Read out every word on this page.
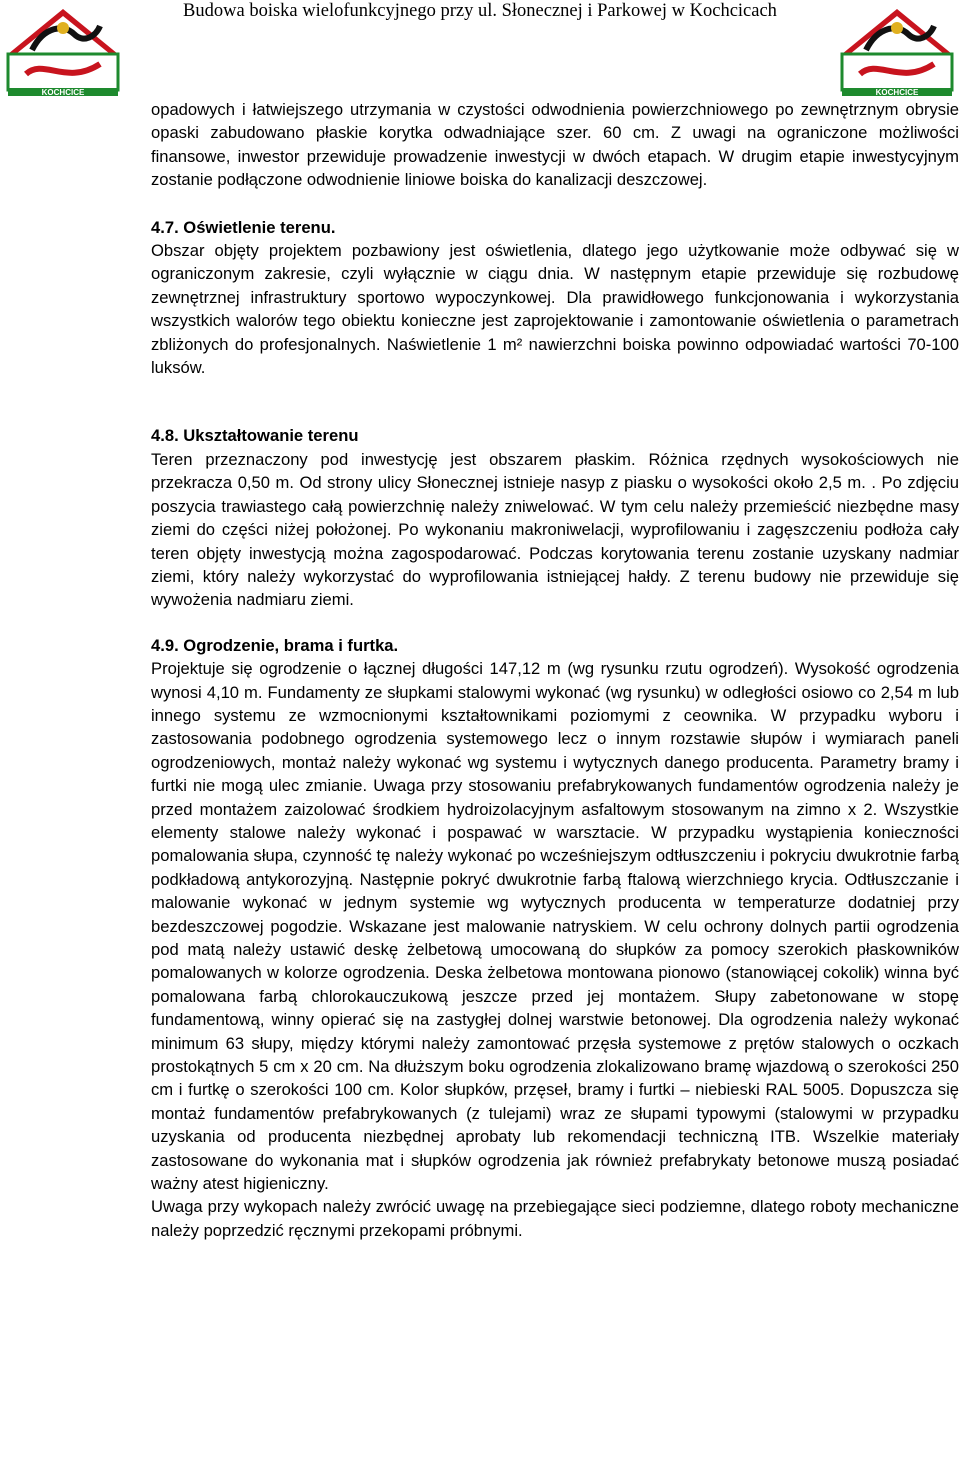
KOCHCICE
Budowa boiska wielofunkcyjnego przy ul. Słonecznej i Parkowej w Kochcicach
KOCHCICE

opadowych i łatwiejszego utrzymania w czystości odwodnienia powierzchniowego po zewnętrznym obrysie opaski zabudowano płaskie korytka odwadniające szer. 60 cm. Z uwagi na ograniczone możliwości finansowe, inwestor przewiduje prowadzenie inwestycji w dwóch etapach. W drugim etapie inwestycyjnym zostanie podłączone odwodnienie liniowe boiska do kanalizacji deszczowej.

4.7. Oświetlenie terenu.

Obszar objęty projektem pozbawiony jest oświetlenia, dlatego jego użytkowanie może odbywać się w ograniczonym zakresie, czyli wyłącznie w ciągu dnia. W następnym etapie przewiduje się rozbudowę zewnętrznej infrastruktury sportowo wypoczynkowej. Dla prawidłowego funkcjonowania i wykorzystania wszystkich walorów tego obiektu konieczne jest zaprojektowanie i zamontowanie oświetlenia o parametrach zbliżonych do profesjonalnych. Naświetlenie 1 m² nawierzchni boiska powinno odpowiadać wartości 70-100 luksów.

4.8. Ukształtowanie terenu

Teren przeznaczony pod inwestycję jest obszarem płaskim. Różnica rzędnych wysokościowych nie przekracza 0,50 m. Od strony ulicy Słonecznej istnieje nasyp z piasku o wysokości około 2,5 m. . Po zdjęciu poszycia trawiastego całą powierzchnię należy zniwelować. W tym celu należy przemieścić niezbędne masy ziemi do części niżej położonej. Po wykonaniu makroniwelacji, wyprofilowaniu i zagęszczeniu podłoża cały teren objęty inwestycją można zagospodarować. Podczas korytowania terenu zostanie uzyskany nadmiar ziemi, który należy wykorzystać do wyprofilowania istniejącej hałdy. Z terenu budowy nie przewiduje się wywożenia nadmiaru ziemi.

4.9. Ogrodzenie, brama i furtka.

Projektuje się ogrodzenie o łącznej długości 147,12 m (wg rysunku rzutu ogrodzeń). Wysokość ogrodzenia wynosi 4,10 m. Fundamenty ze słupkami stalowymi wykonać (wg rysunku) w odległości osiowo co 2,54 m lub innego systemu ze wzmocnionymi kształtownikami poziomymi z ceownika. W przypadku wyboru i zastosowania podobnego ogrodzenia systemowego lecz o innym rozstawie słupów i wymiarach paneli ogrodzeniowych, montaż należy wykonać wg systemu i wytycznych danego producenta. Parametry bramy i furtki nie mogą ulec zmianie. Uwaga przy stosowaniu prefabrykowanych fundamentów ogrodzenia należy je przed montażem zaizolować środkiem hydroizolacyjnym asfaltowym stosowanym na zimno x 2. Wszystkie elementy stalowe należy wykonać i pospawać w warsztacie. W przypadku wystąpienia konieczności pomalowania słupa, czynność tę należy wykonać po wcześniejszym odtłuszczeniu i pokryciu dwukrotnie farbą podkładową antykorozyjną. Następnie pokryć dwukrotnie farbą ftalową wierzchniego krycia. Odtłuszczanie i malowanie wykonać w jednym systemie wg wytycznych producenta w temperaturze dodatniej przy bezdeszczowej pogodzie. Wskazane jest malowanie natryskiem. W celu ochrony dolnych partii ogrodzenia pod matą należy ustawić deskę żelbetową umocowaną do słupków za pomocy szerokich płaskowników pomalowanych w kolorze ogrodzenia. Deska żelbetowa montowana pionowo (stanowiącej cokolik) winna być pomalowana farbą chlorokauczukową jeszcze przed jej montażem. Słupy zabetonowane w stopę fundamentową, winny opierać się na zastygłej dolnej warstwie betonowej. Dla ogrodzenia należy wykonać minimum 63 słupy, między którymi należy zamontować przęsła systemowe z prętów stalowych o oczkach prostokątnych 5 cm x 20 cm. Na dłuższym boku ogrodzenia zlokalizowano bramę wjazdową o szerokości 250 cm i furtkę o szerokości 100 cm. Kolor słupków, przęseł, bramy i furtki – niebieski RAL 5005. Dopuszcza się montaż fundamentów prefabrykowanych (z tulejami) wraz ze słupami typowymi (stalowymi w przypadku uzyskania od producenta niezbędnej aprobaty lub rekomendacji techniczną ITB. Wszelkie materiały zastosowane do wykonania mat i słupków ogrodzenia jak również prefabrykaty betonowe muszą posiadać ważny atest higieniczny.

Uwaga przy wykopach należy zwrócić uwagę na przebiegające sieci podziemne, dlatego roboty mechaniczne należy poprzedzić ręcznymi przekopami próbnymi.
